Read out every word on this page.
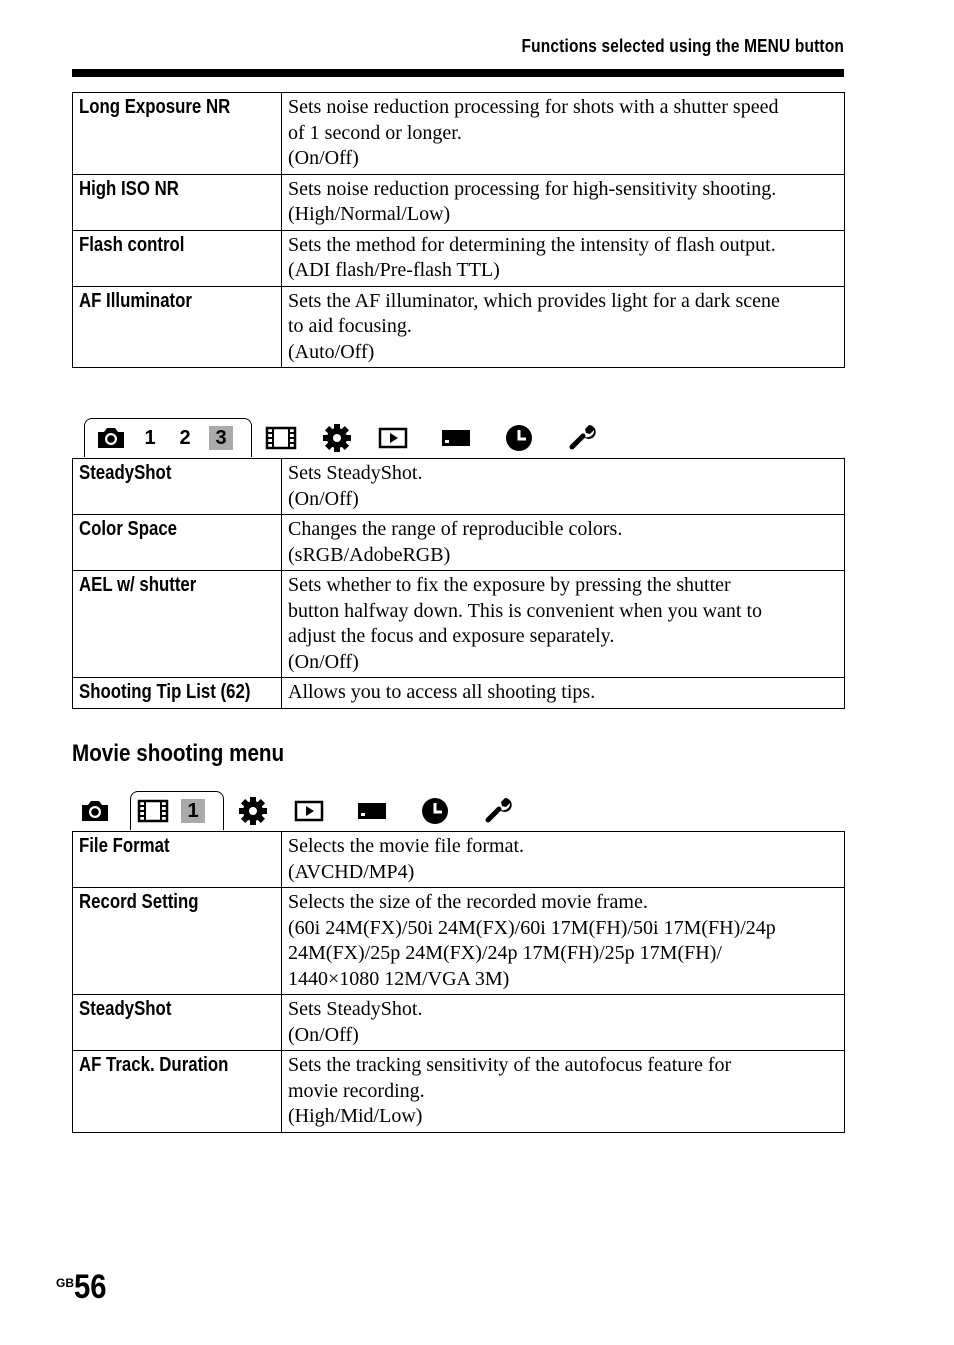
Functions selected using the MENU button
Long Exposure NR	Sets noise reduction processing for shots with a shutter speed
of 1 second or longer.
(On/Off)

High ISO NR	Sets noise reduction processing for high-sensitivity shooting.
(High/Normal/Low)

Flash control	Sets the method for determining the intensity of flash output.
(ADI flash/Pre-flash TTL)

AF Illuminator	Sets the AF illuminator, which provides light for a dark scene
to aid focusing.
(Auto/Off)
1	2	3
SteadyShot	Sets SteadyShot.
(On/Off)

Color Space	Changes the range of reproducible colors.
(sRGB/AdobeRGB)

AEL w/ shutter	Sets whether to fix the exposure by pressing the shutter
button halfway down. This is convenient when you want to
adjust the focus and exposure separately.
(On/Off)

Shooting Tip List (62)	Allows you to access all shooting tips.
Movie shooting menu
1
File Format	Selects the movie file format.
(AVCHD/MP4)

Record Setting	Selects the size of the recorded movie frame.
(60i 24M(FX)/50i 24M(FX)/60i 17M(FH)/50i 17M(FH)/24p
24M(FX)/25p 24M(FX)/24p 17M(FH)/25p 17M(FH)/
1440×1080 12M/VGA 3M)

SteadyShot	Sets SteadyShot.
(On/Off)

AF Track. Duration	Sets the tracking sensitivity of the autofocus feature for
movie recording.
(High/Mid/Low)
$^{GB}$56
